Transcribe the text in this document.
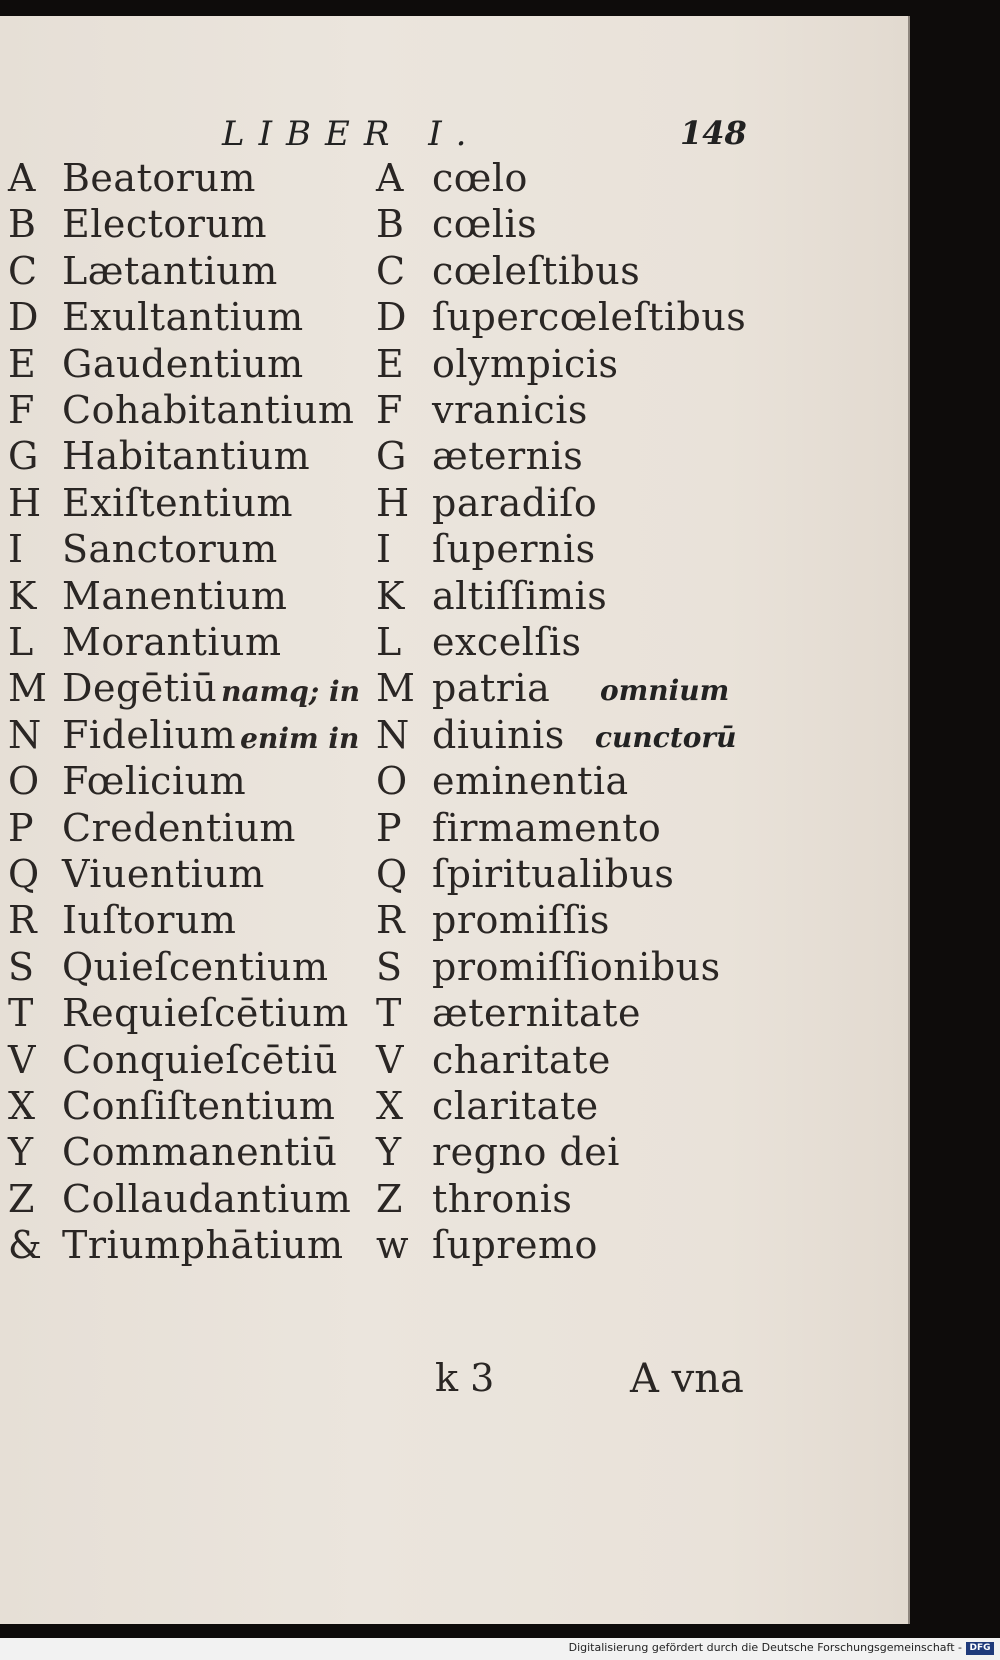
LIBER I.	148
A Beatorum
B Electorum
C Lætantium
D Exultantium
E Gaudentium
F Cohabitantium
G Habitantium
H Exiſtentium
I Sanctorum
K Manentium
L Morantium
M Degētiū namq; in
N Fidelium enim in
O Fœlicium
P Credentium
Q Viuentium
R Iuſtorum
S Quieſcentium
T Requieſcētium
V Conquieſcētiū
X Conſiſtentium
Y Commanentiū
Z Collaudantium
& Triumphātium
A cœlo
B cœlis
C cœleſtibus
D ſupercœleſtibus
E olympicis
F vranicis
G æternis
H paradiſo
I ſupernis
K altiſſimis
L excelſis
M patria
N diuinis
O eminentia
P firmamento
Q ſpiritualibus
R promiſſis
S promiſſionibus
T æternitate
V charitate
X claritate
Y regno dei
Z thronis
w ſupremo
omnium
cunctorū
k 3	A vna
Digitalisierung gefördert durch die Deutsche Forschungsgemeinschaft - DFG
